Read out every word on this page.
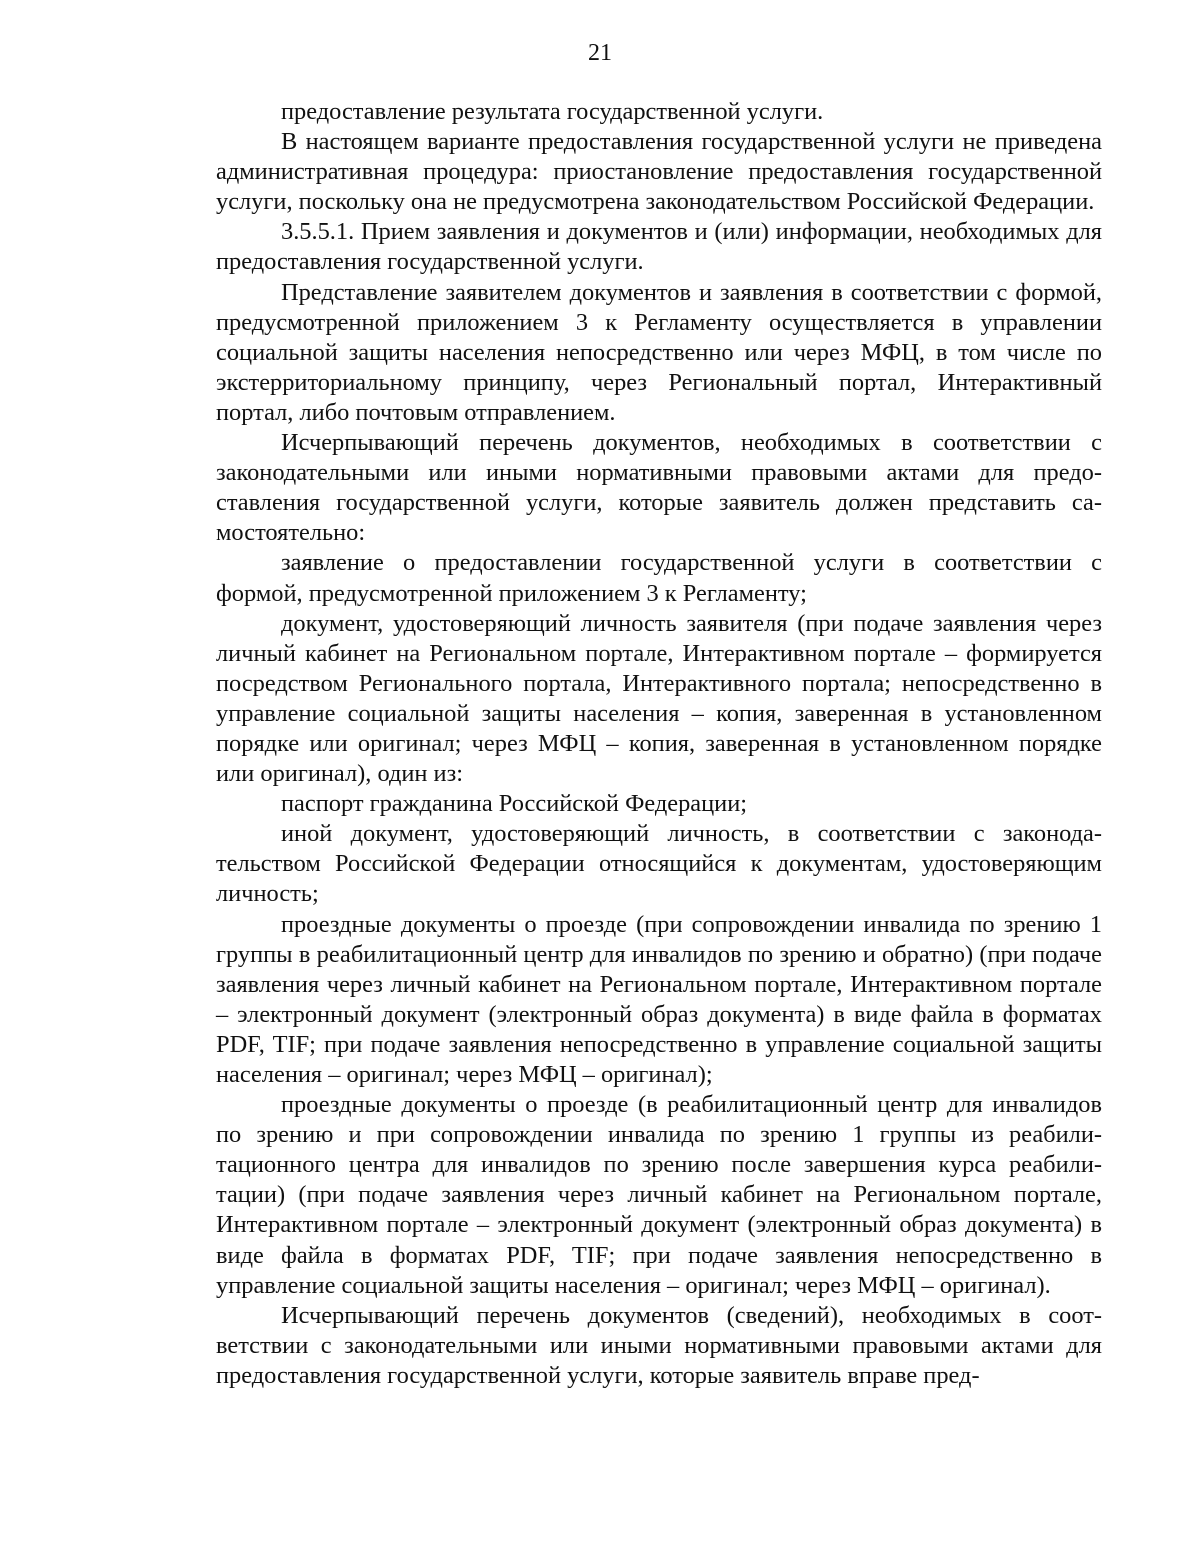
21

предоставление результата государственной услуги.

В настоящем варианте предоставления государственной услуги не приведена административная процедура: приостановление предоставления государственной услуги, поскольку она не предусмотрена законодательством Российской Федерации.

3.5.5.1. Прием заявления и документов и (или) информации, необходимых для предоставления государственной услуги.

Представление заявителем документов и заявления в соответствии с формой, предусмотренной приложением 3 к Регламенту осуществляется в управлении социальной защиты населения непосредственно или через МФЦ, в том числе по экстерриториальному принципу, через Региональный портал, Интерактивный портал, либо почтовым отправлением.

Исчерпывающий перечень документов, необходимых в соответствии с законодательными или иными нормативными правовыми актами для предоставления государственной услуги, которые заявитель должен представить самостоятельно:

заявление о предоставлении государственной услуги в соответствии с формой, предусмотренной приложением 3 к Регламенту;

документ, удостоверяющий личность заявителя (при подаче заявления через личный кабинет на Региональном портале, Интерактивном портале – формируется посредством Регионального портала, Интерактивного портала; непосредственно в управление социальной защиты населения – копия, заверенная в установленном порядке или оригинал; через МФЦ – копия, заверенная в установленном порядке или оригинал), один из:

паспорт гражданина Российской Федерации;

иной документ, удостоверяющий личность, в соответствии с законодательством Российской Федерации относящийся к документам, удостоверяющим личность;

проездные документы о проезде (при сопровождении инвалида по зрению 1 группы в реабилитационный центр для инвалидов по зрению и обратно) (при подаче заявления через личный кабинет на Региональном портале, Интерактивном портале – электронный документ (электронный образ документа) в виде файла в форматах PDF, TIF; при подаче заявления непосредственно в управление социальной защиты населения – оригинал; через МФЦ – оригинал);

проездные документы о проезде (в реабилитационный центр для инвалидов по зрению и при сопровождении инвалида по зрению 1 группы из реабилитационного центра для инвалидов по зрению после завершения курса реабилитации) (при подаче заявления через личный кабинет на Региональном портале, Интерактивном портале – электронный документ (электронный образ документа) в виде файла в форматах PDF, TIF; при подаче заявления непосредственно в управление социальной защиты населения – оригинал; через МФЦ – оригинал).

Исчерпывающий перечень документов (сведений), необходимых в соответствии с законодательными или иными нормативными правовыми актами для предоставления государственной услуги, которые заявитель вправе пред-
